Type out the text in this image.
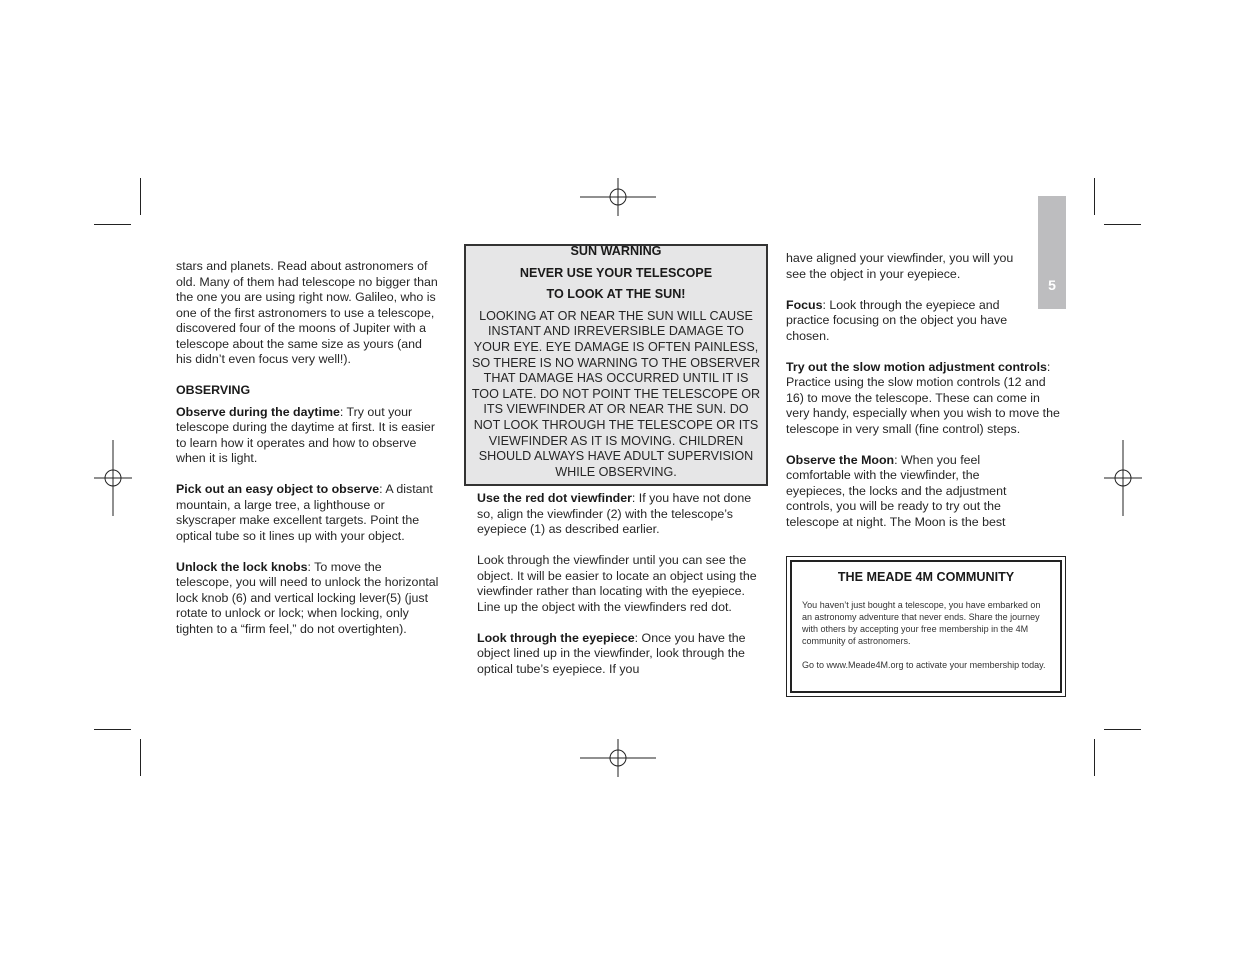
5

stars and planets. Read about astronomers of old. Many of them had telescope no bigger than the one you are using right now. Galileo, who is one of the first astronomers to use a telescope, discovered four of the moons of Jupiter with a telescope about the same size as yours (and his didn’t even focus very well!).

OBSERVING

Observe during the daytime: Try out your telescope during the daytime at first. It is easier to learn how it operates and how to observe when it is light.

Pick out an easy object to observe: A distant mountain, a large tree, a lighthouse or skyscraper make excellent targets. Point the optical tube so it lines up with your object.

Unlock the lock knobs: To move the telescope, you will need to unlock the horizontal lock knob (6) and vertical locking lever(5) (just rotate to unlock or lock; when locking, only tighten to a “firm feel,” do not overtighten).

SUN WARNING
NEVER USE YOUR TELESCOPE
TO LOOK AT THE SUN!
LOOKING AT OR NEAR THE SUN WILL CAUSE INSTANT AND IRREVERSIBLE DAMAGE TO YOUR EYE. EYE DAMAGE IS OFTEN PAINLESS, SO THERE IS NO WARNING TO THE OBSERVER THAT DAMAGE HAS OCCURRED UNTIL IT IS TOO LATE. DO NOT POINT THE TELESCOPE OR ITS VIEWFINDER AT OR NEAR THE SUN. DO NOT LOOK THROUGH THE TELESCOPE OR ITS VIEWFINDER AS IT IS MOVING. CHILDREN SHOULD ALWAYS HAVE ADULT SUPERVISION WHILE OBSERVING.

Use the red dot viewfinder: If you have not done so, align the viewfinder (2) with the telescope’s eyepiece (1) as described earlier.

Look through the viewfinder until you can see the object. It will be easier to locate an object using the viewfinder rather than locating with the eyepiece. Line up the object with the viewfinders red dot.

Look through the eyepiece: Once you have the object lined up in the viewfinder, look through the optical tube’s eyepiece. If you

have aligned your viewfinder, you will you see the object in your eyepiece.

Focus: Look through the eyepiece and practice focusing on the object you have chosen.

Try out the slow motion adjustment controls: Practice using the slow motion controls (12 and 16) to move the telescope. These can come in very handy, especially when you wish to move the telescope in very small (fine control) steps.

Observe the Moon: When you feel comfortable with the viewfinder, the eyepieces, the locks and the adjustment controls, you will be ready to try out the telescope at night. The Moon is the best

THE MEADE 4M COMMUNITY
You haven’t just bought a telescope, you have embarked on an astronomy adventure that never ends. Share the journey with others by accepting your free membership in the 4M community of astronomers.
Go to www.Meade4M.org to activate your membership today.
